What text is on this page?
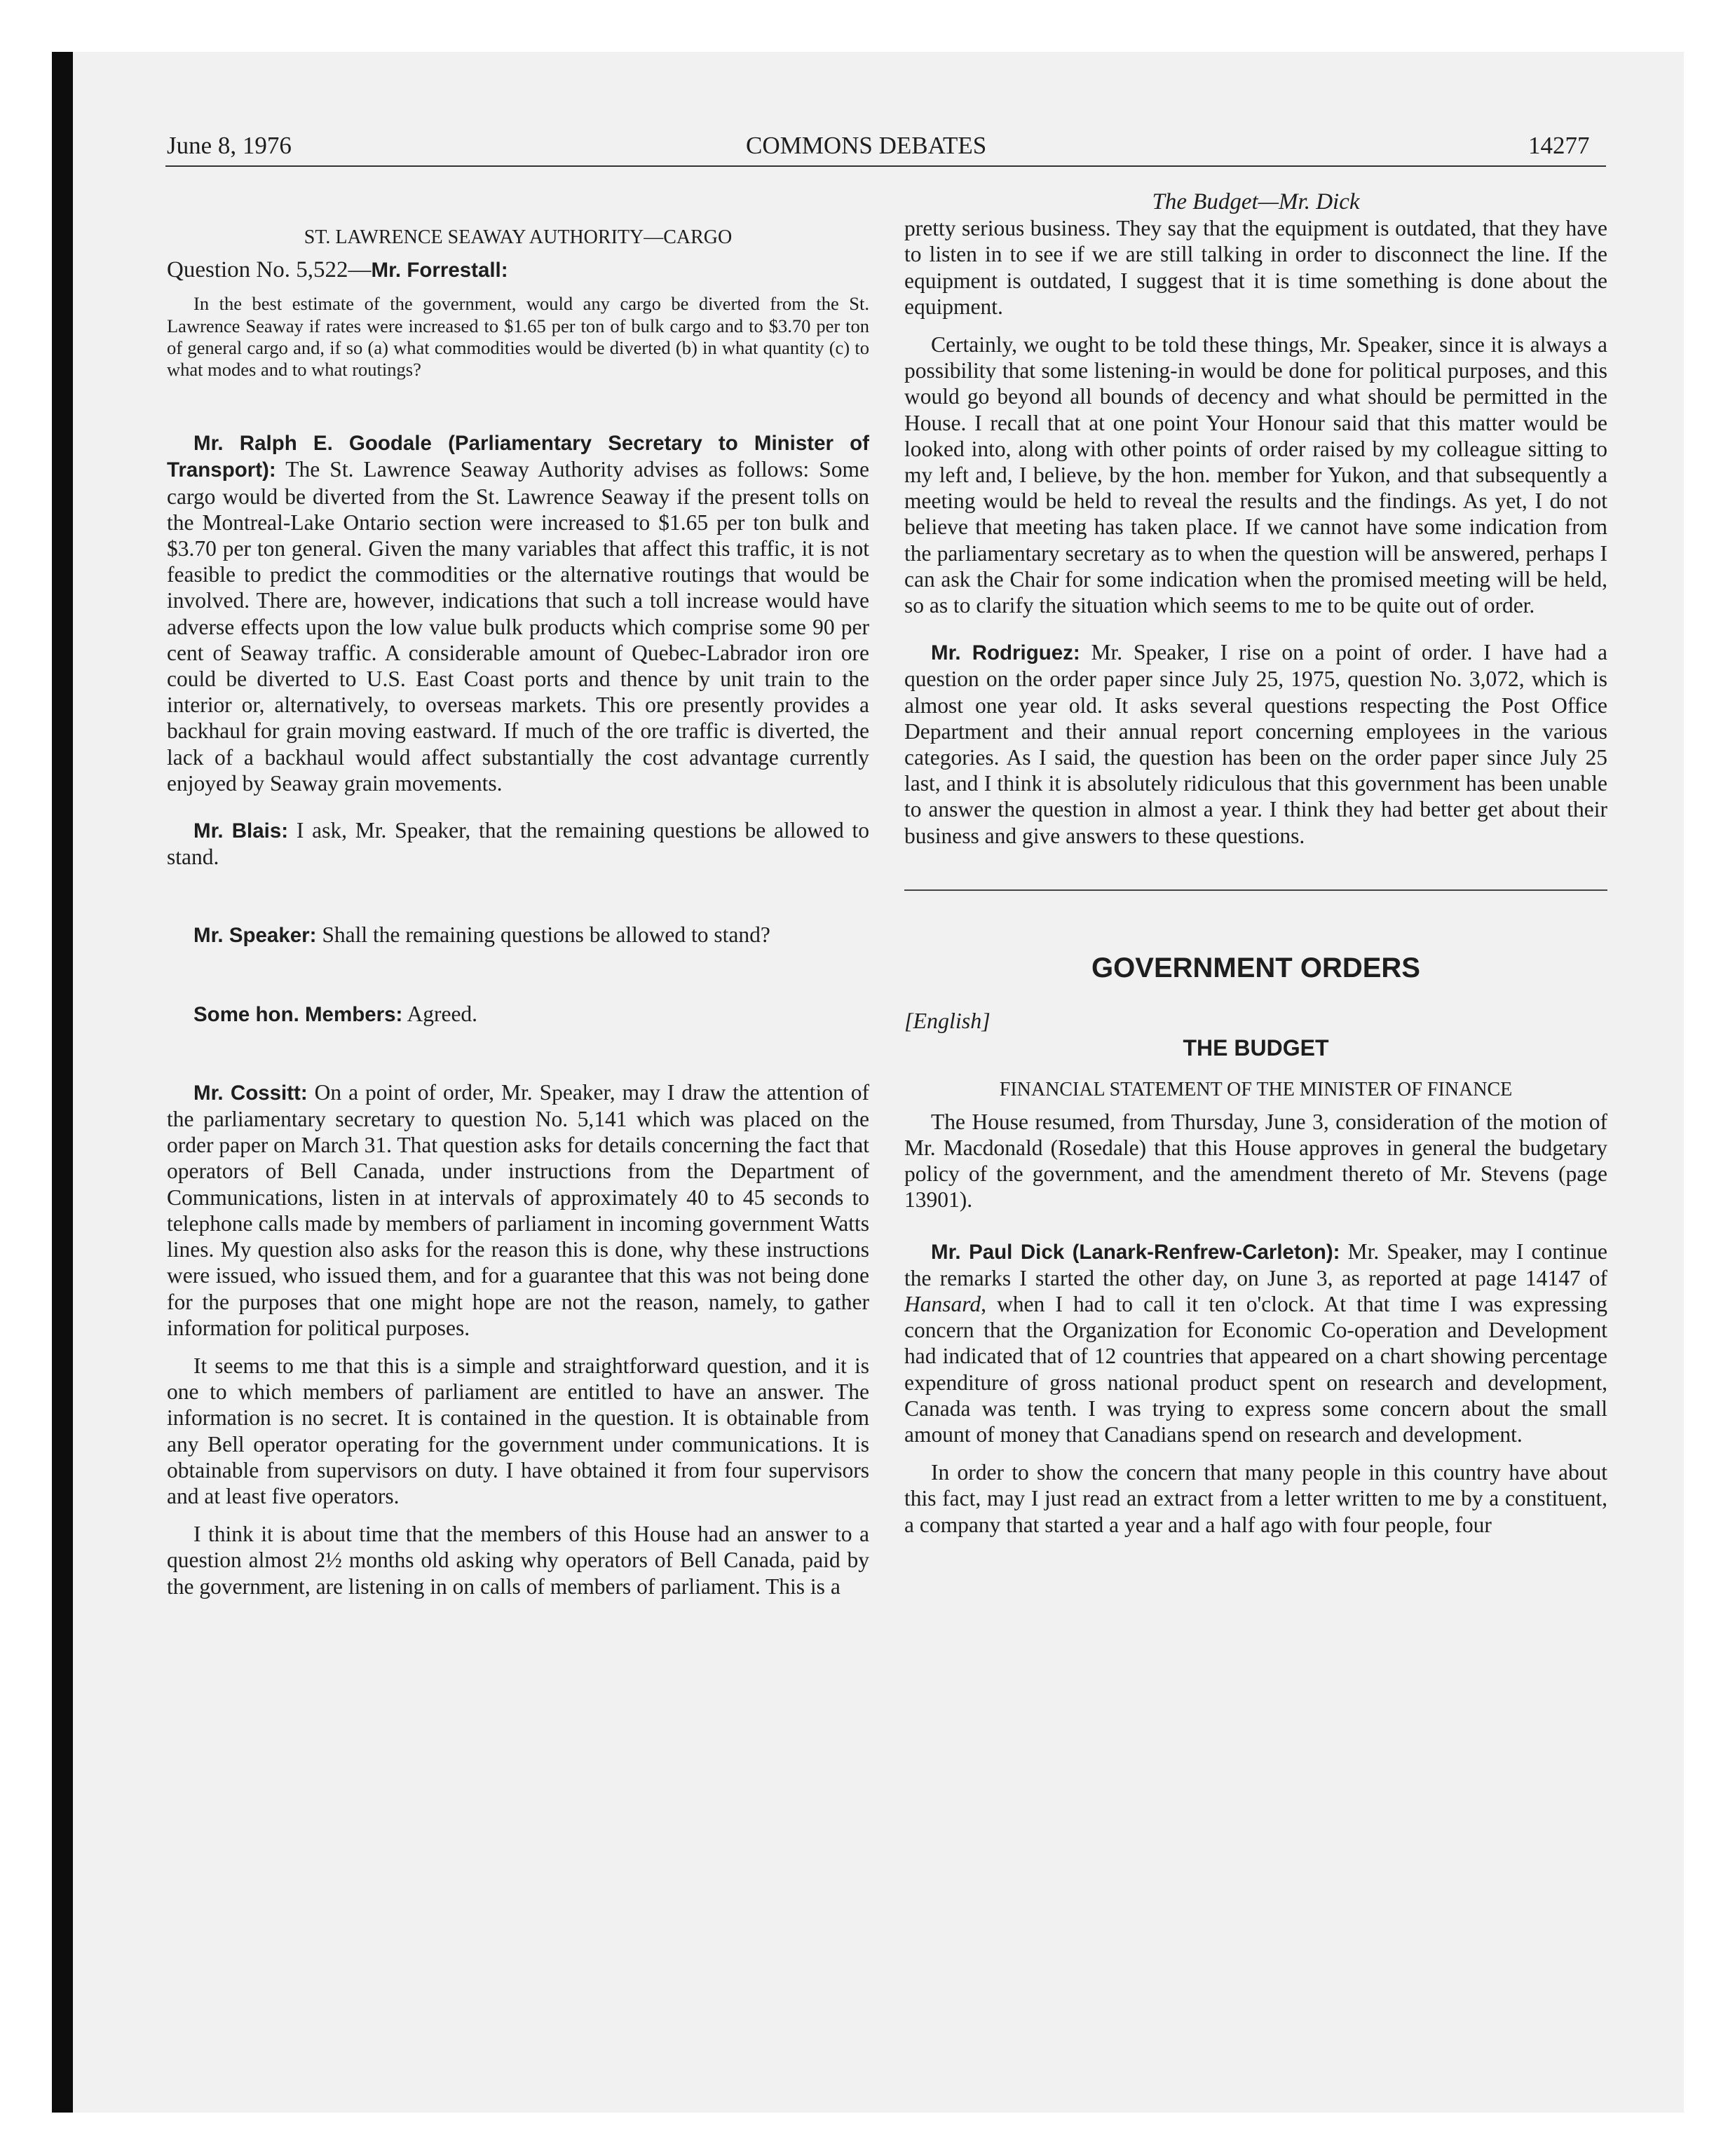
June 8, 1976	COMMONS DEBATES	14277

ST. LAWRENCE SEAWAY AUTHORITY—CARGO

Question No. 5,522—Mr. Forrestall:

In the best estimate of the government, would any cargo be diverted from the St. Lawrence Seaway if rates were increased to $1.65 per ton of bulk cargo and to $3.70 per ton of general cargo and, if so (a) what commodities would be diverted (b) in what quantity (c) to what modes and to what routings?

Mr. Ralph E. Goodale (Parliamentary Secretary to Minister of Transport): The St. Lawrence Seaway Authority advises as follows: Some cargo would be diverted from the St. Lawrence Seaway if the present tolls on the Montreal-Lake Ontario section were increased to $1.65 per ton bulk and $3.70 per ton general. Given the many variables that affect this traffic, it is not feasible to predict the commodities or the alternative routings that would be involved. There are, however, indications that such a toll increase would have adverse effects upon the low value bulk products which comprise some 90 per cent of Seaway traffic. A considerable amount of Quebec-Labrador iron ore could be diverted to U.S. East Coast ports and thence by unit train to the interior or, alternatively, to overseas markets. This ore presently provides a backhaul for grain moving eastward. If much of the ore traffic is diverted, the lack of a backhaul would affect substantially the cost advantage currently enjoyed by Seaway grain movements.

Mr. Blais: I ask, Mr. Speaker, that the remaining questions be allowed to stand.

Mr. Speaker: Shall the remaining questions be allowed to stand?

Some hon. Members: Agreed.

Mr. Cossitt: On a point of order, Mr. Speaker, may I draw the attention of the parliamentary secretary to question No. 5,141 which was placed on the order paper on March 31. That question asks for details concerning the fact that operators of Bell Canada, under instructions from the Department of Communications, listen in at intervals of approximately 40 to 45 seconds to telephone calls made by members of parliament in incoming government Watts lines. My question also asks for the reason this is done, why these instructions were issued, who issued them, and for a guarantee that this was not being done for the purposes that one might hope are not the reason, namely, to gather information for political purposes.

It seems to me that this is a simple and straightforward question, and it is one to which members of parliament are entitled to have an answer. The information is no secret. It is contained in the question. It is obtainable from any Bell operator operating for the government under communications. It is obtainable from supervisors on duty. I have obtained it from four supervisors and at least five operators.

I think it is about time that the members of this House had an answer to a question almost 2½ months old asking why operators of Bell Canada, paid by the government, are listening in on calls of members of parliament. This is a

The Budget—Mr. Dick

pretty serious business. They say that the equipment is outdated, that they have to listen in to see if we are still talking in order to disconnect the line. If the equipment is outdated, I suggest that it is time something is done about the equipment.

Certainly, we ought to be told these things, Mr. Speaker, since it is always a possibility that some listening-in would be done for political purposes, and this would go beyond all bounds of decency and what should be permitted in the House. I recall that at one point Your Honour said that this matter would be looked into, along with other points of order raised by my colleague sitting to my left and, I believe, by the hon. member for Yukon, and that subsequently a meeting would be held to reveal the results and the findings. As yet, I do not believe that meeting has taken place. If we cannot have some indication from the parliamentary secretary as to when the question will be answered, perhaps I can ask the Chair for some indication when the promised meeting will be held, so as to clarify the situation which seems to me to be quite out of order.

Mr. Rodriguez: Mr. Speaker, I rise on a point of order. I have had a question on the order paper since July 25, 1975, question No. 3,072, which is almost one year old. It asks several questions respecting the Post Office Department and their annual report concerning employees in the various categories. As I said, the question has been on the order paper since July 25 last, and I think it is absolutely ridiculous that this government has been unable to answer the question in almost a year. I think they had better get about their business and give answers to these questions.

GOVERNMENT ORDERS

[English]

THE BUDGET

FINANCIAL STATEMENT OF THE MINISTER OF FINANCE

The House resumed, from Thursday, June 3, consideration of the motion of Mr. Macdonald (Rosedale) that this House approves in general the budgetary policy of the government, and the amendment thereto of Mr. Stevens (page 13901).

Mr. Paul Dick (Lanark-Renfrew-Carleton): Mr. Speaker, may I continue the remarks I started the other day, on June 3, as reported at page 14147 of Hansard, when I had to call it ten o'clock. At that time I was expressing concern that the Organization for Economic Co-operation and Development had indicated that of 12 countries that appeared on a chart showing percentage expenditure of gross national product spent on research and development, Canada was tenth. I was trying to express some concern about the small amount of money that Canadians spend on research and development.

In order to show the concern that many people in this country have about this fact, may I just read an extract from a letter written to me by a constituent, a company that started a year and a half ago with four people, four
